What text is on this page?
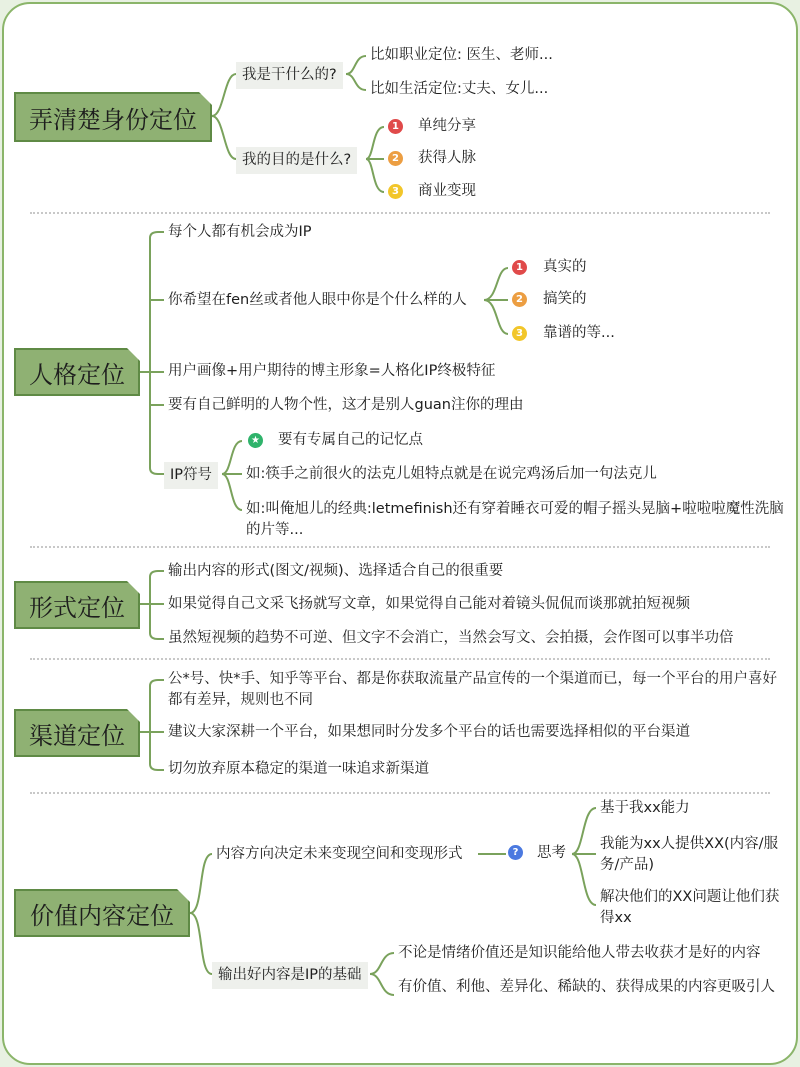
弄清楚身份定位
我是干什么的?
比如职业定位: 医生、老师...
比如生活定位:丈夫、女儿...
我的目的是什么?
1 单纯分享
2 获得人脉
3 商业变现
人格定位
每个人都有机会成为IP
你希望在fen丝或者他人眼中你是个什么样的人
1 真实的
2 搞笑的
3 靠谱的等...
用户画像+用户期待的博主形象=人格化IP终极特征
要有自己鲜明的人物个性，这才是别人guan注你的理由
IP符号
★ 要有专属自己的记忆点
如:筷手之前很火的法克儿姐特点就是在说完鸡汤后加一句法克儿
如:叫俺旭儿的经典:letmefinish还有穿着睡衣可爱的帽子摇头晃脑+啦啦啦魔性洗脑的片等...
形式定位
输出内容的形式(图文/视频)、选择适合自己的很重要
如果觉得自己文采飞扬就写文章，如果觉得自己能对着镜头侃侃而谈那就拍短视频
虽然短视频的趋势不可逆、但文字不会消亡，当然会写文、会拍摄，会作图可以事半功倍
渠道定位
公*号、快*手、知乎等平台、都是你获取流量产品宣传的一个渠道而已，每一个平台的用户喜好都有差异，规则也不同
建议大家深耕一个平台，如果想同时分发多个平台的话也需要选择相似的平台渠道
切勿放弃原本稳定的渠道一味追求新渠道
价值内容定位
内容方向决定未来变现空间和变现形式	?	思考
基于我xx能力
我能为xx人提供XX(内容/服务/产品)
解决他们的XX问题让他们获得xx
输出好内容是IP的基础
不论是情绪价值还是知识能给他人带去收获才是好的内容
有价值、利他、差异化、稀缺的、获得成果的内容更吸引人
